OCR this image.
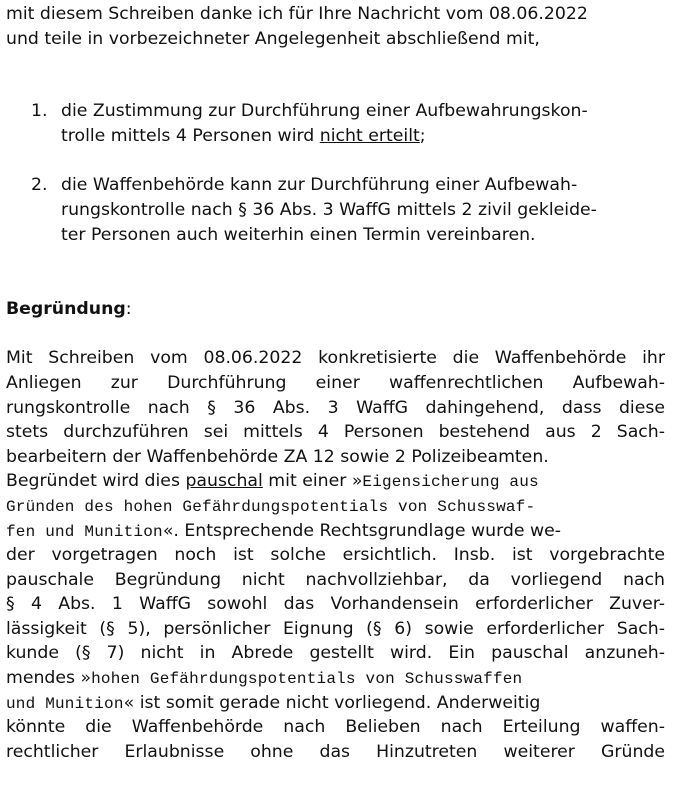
mit diesem Schreiben danke ich für Ihre Nachricht vom 08.06.2022
und teile in vorbezeichneter Angelegenheit abschließend mit,
1. die Zustimmung zur Durchführung einer Aufbewahrungskon-
trolle mittels 4 Personen wird nicht erteilt;
2. die Waffenbehörde kann zur Durchführung einer Aufbewah-
rungskontrolle nach § 36 Abs. 3 WaffG mittels 2 zivil gekleide-
ter Personen auch weiterhin einen Termin vereinbaren.
Begründung:
Mit Schreiben vom 08.06.2022 konkretisierte die Waffenbehörde ihr
Anliegen zur Durchführung einer waffenrechtlichen Aufbewah-
rungskontrolle nach § 36 Abs. 3 WaffG dahingehend, dass diese
stets durchzuführen sei mittels 4 Personen bestehend aus 2 Sach-
bearbeitern der Waffenbehörde ZA 12 sowie 2 Polizeibeamten.
Begründet wird dies pauschal mit einer »Eigensicherung aus
Gründen des hohen Gefährdungspotentials von Schusswaf-
fen und Munition«. Entsprechende Rechtsgrundlage wurde we-
der vorgetragen noch ist solche ersichtlich. Insb. ist vorgebrachte
pauschale Begründung nicht nachvollziehbar, da vorliegend nach
§ 4 Abs. 1 WaffG sowohl das Vorhandensein erforderlicher Zuver-
lässigkeit (§ 5), persönlicher Eignung (§ 6) sowie erforderlicher Sach-
kunde (§ 7) nicht in Abrede gestellt wird. Ein pauschal anzuneh-
mendes »hohen Gefährdungspotentials von Schusswaffen
und Munition« ist somit gerade nicht vorliegend. Anderweitig
könnte die Waffenbehörde nach Belieben nach Erteilung waffen-
rechtlicher Erlaubnisse ohne das Hinzutreten weiterer Gründe
